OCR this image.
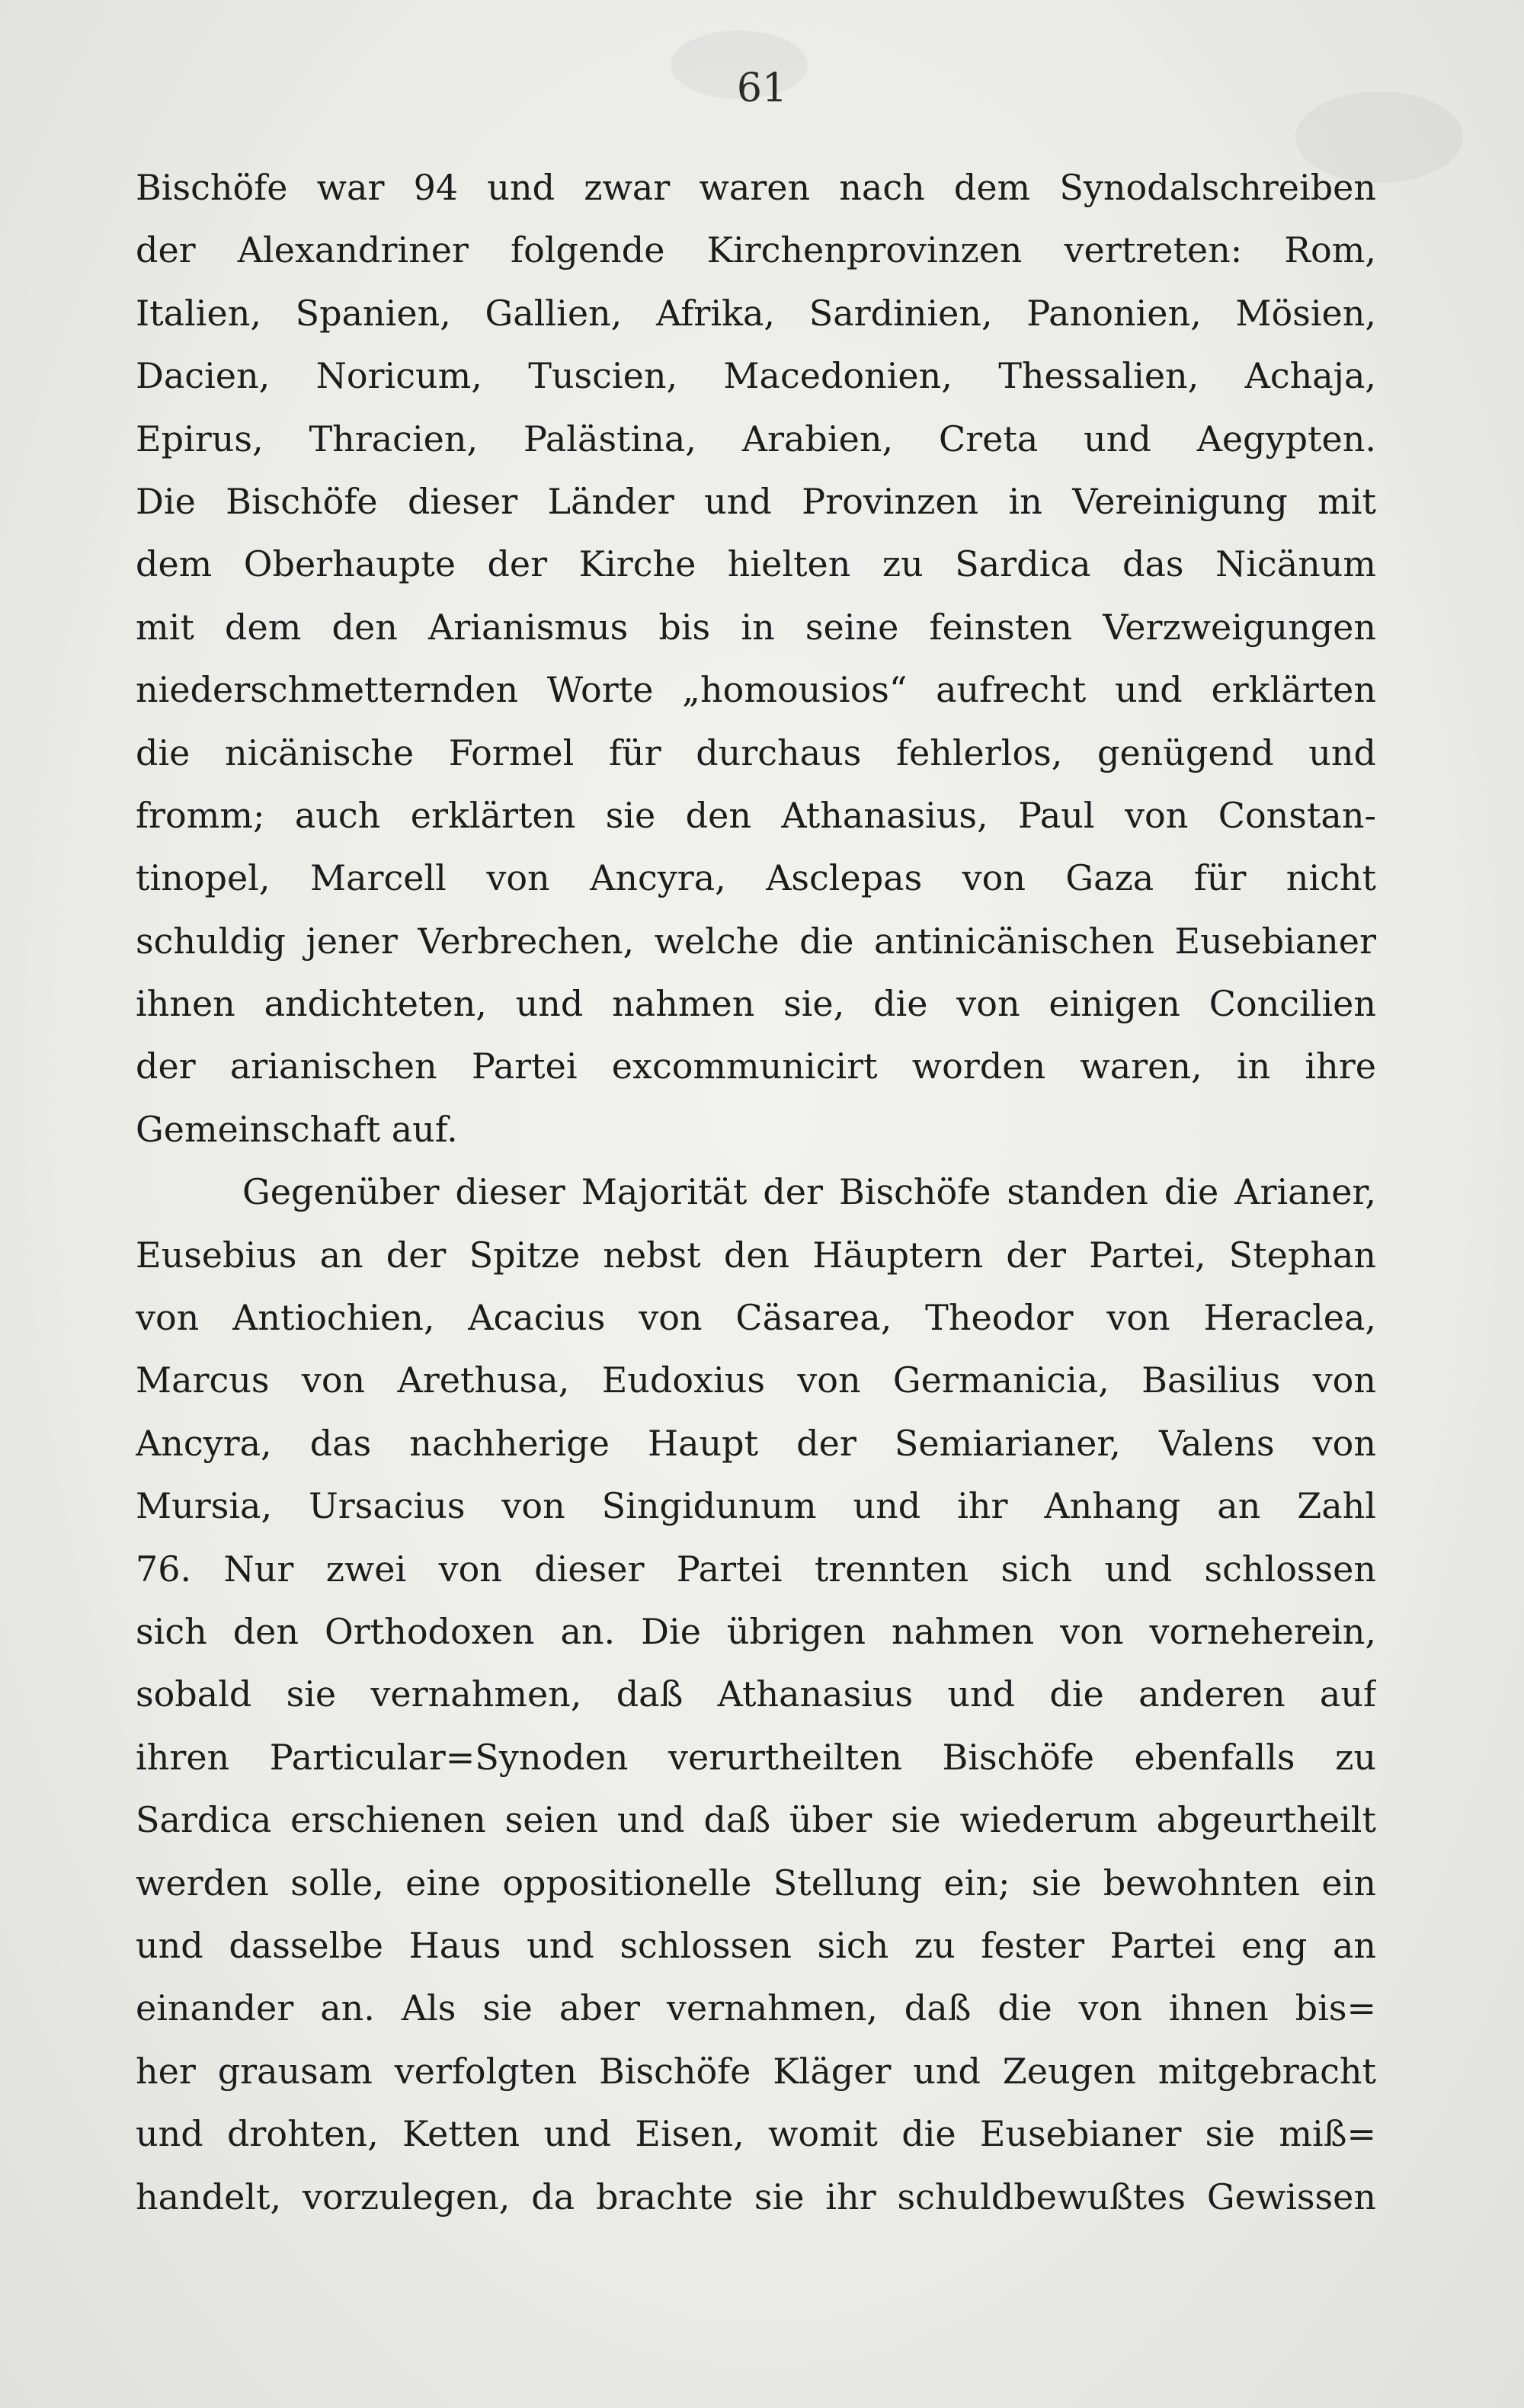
61
Bischöfe war 94 und zwar waren nach dem Synodalschreiben
der Alexandriner folgende Kirchenprovinzen vertreten: Rom,
Italien, Spanien, Gallien, Afrika, Sardinien, Panonien, Mösien,
Dacien, Noricum, Tuscien, Macedonien, Thessalien, Achaja,
Epirus, Thracien, Palästina, Arabien, Creta und Aegypten.
Die Bischöfe dieser Länder und Provinzen in Vereinigung mit
dem Oberhaupte der Kirche hielten zu Sardica das Nicänum
mit dem den Arianismus bis in seine feinsten Verzweigungen
niederschmetternden Worte „homousios“ aufrecht und erklärten
die nicänische Formel für durchaus fehlerlos, genügend und
fromm; auch erklärten sie den Athanasius, Paul von Constan-
tinopel, Marcell von Ancyra, Asclepas von Gaza für nicht
schuldig jener Verbrechen, welche die antinicänischen Eusebianer
ihnen andichteten, und nahmen sie, die von einigen Concilien
der arianischen Partei excommunicirt worden waren, in ihre
Gemeinschaft auf.
Gegenüber dieser Majorität der Bischöfe standen die Arianer,
Eusebius an der Spitze nebst den Häuptern der Partei, Stephan
von Antiochien, Acacius von Cäsarea, Theodor von Heraclea,
Marcus von Arethusa, Eudoxius von Germanicia, Basilius von
Ancyra, das nachherige Haupt der Semiarianer, Valens von
Mursia, Ursacius von Singidunum und ihr Anhang an Zahl
76. Nur zwei von dieser Partei trennten sich und schlossen
sich den Orthodoxen an. Die übrigen nahmen von vorneherein,
sobald sie vernahmen, daß Athanasius und die anderen auf
ihren Particular=Synoden verurtheilten Bischöfe ebenfalls zu
Sardica erschienen seien und daß über sie wiederum abgeurtheilt
werden solle, eine oppositionelle Stellung ein; sie bewohnten ein
und dasselbe Haus und schlossen sich zu fester Partei eng an
einander an. Als sie aber vernahmen, daß die von ihnen bis=
her grausam verfolgten Bischöfe Kläger und Zeugen mitgebracht
und drohten, Ketten und Eisen, womit die Eusebianer sie miß=
handelt, vorzulegen, da brachte sie ihr schuldbewußtes Gewissen
